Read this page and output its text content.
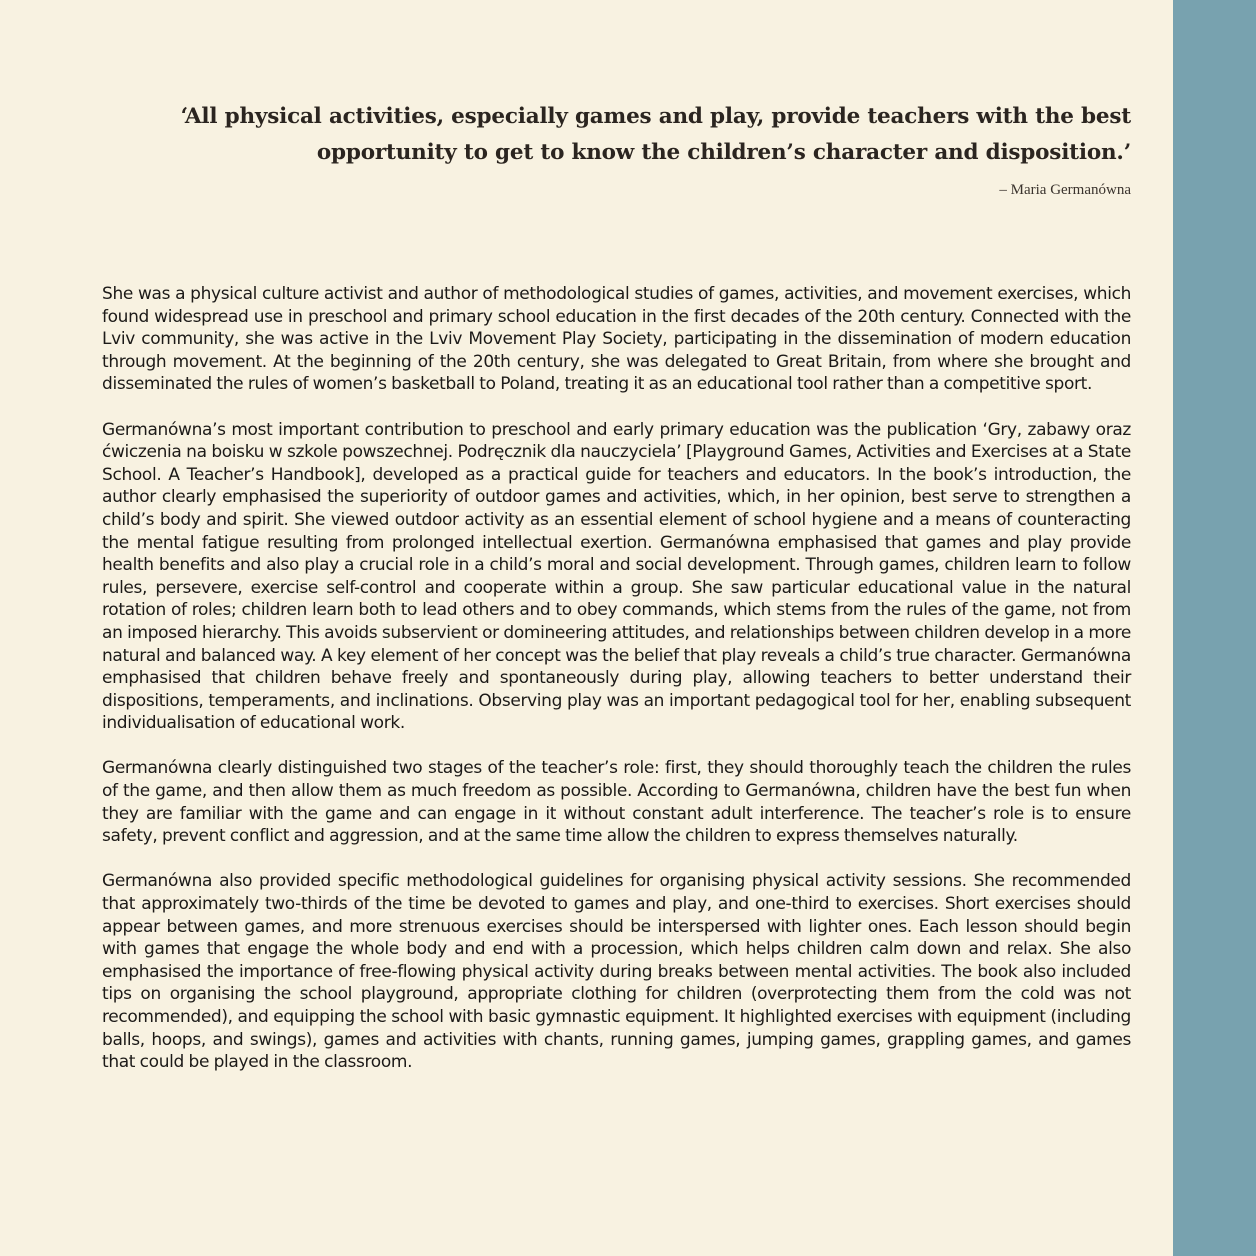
‘All physical activities, especially games and play, provide teachers with the best opportunity to get to know the children’s character and disposition.’

– Maria Germanówna

She was a physical culture activist and author of methodological studies of games, activities, and movement exercises, which found widespread use in preschool and primary school education in the first decades of the 20th century. Connected with the Lviv community, she was active in the Lviv Movement Play Society, participating in the dissemination of modern education through movement. At the beginning of the 20th century, she was delegated to Great Britain, from where she brought and disseminated the rules of women’s basketball to Poland, treating it as an educational tool rather than a competitive sport.

Germanówna’s most important contribution to preschool and early primary education was the publication ‘Gry, zabawy oraz ćwiczenia na boisku w szkole powszechnej. Podręcznik dla nauczyciela’ [Playground Games, Activities and Exercises at a State School. A Teacher’s Handbook], developed as a practical guide for teachers and educators. In the book’s introduction, the author clearly emphasised the superiority of outdoor games and activities, which, in her opinion, best serve to strengthen a child’s body and spirit. She viewed outdoor activity as an essential element of school hygiene and a means of counteracting the mental fatigue resulting from prolonged intellectual exertion. Germanówna emphasised that games and play provide health benefits and also play a crucial role in a child’s moral and social development. Through games, children learn to follow rules, persevere, exercise self-control and cooperate within a group. She saw particular educational value in the natural rotation of roles; children learn both to lead others and to obey commands, which stems from the rules of the game, not from an imposed hierarchy. This avoids subservient or domineering attitudes, and relationships between children develop in a more natural and balanced way. A key element of her concept was the belief that play reveals a child’s true character. Germanówna emphasised that children behave freely and spontaneously during play, allowing teachers to better understand their dispositions, temperaments, and inclinations. Observing play was an important pedagogical tool for her, enabling subsequent individualisation of educational work.

Germanówna clearly distinguished two stages of the teacher’s role: first, they should thoroughly teach the children the rules of the game, and then allow them as much freedom as possible. According to Germanówna, children have the best fun when they are familiar with the game and can engage in it without constant adult interference. The teacher’s role is to ensure safety, prevent conflict and aggression, and at the same time allow the children to express themselves naturally.

Germanówna also provided specific methodological guidelines for organising physical activity sessions. She recommended that approximately two-thirds of the time be devoted to games and play, and one-third to exercises. Short exercises should appear between games, and more strenuous exercises should be interspersed with lighter ones. Each lesson should begin with games that engage the whole body and end with a procession, which helps children calm down and relax. She also emphasised the importance of free-flowing physical activity during breaks between mental activities. The book also included tips on organising the school playground, appropriate clothing for children (overprotecting them from the cold was not recommended), and equipping the school with basic gymnastic equipment. It highlighted exercises with equipment (including balls, hoops, and swings), games and activities with chants, running games, jumping games, grappling games, and games that could be played in the classroom.
